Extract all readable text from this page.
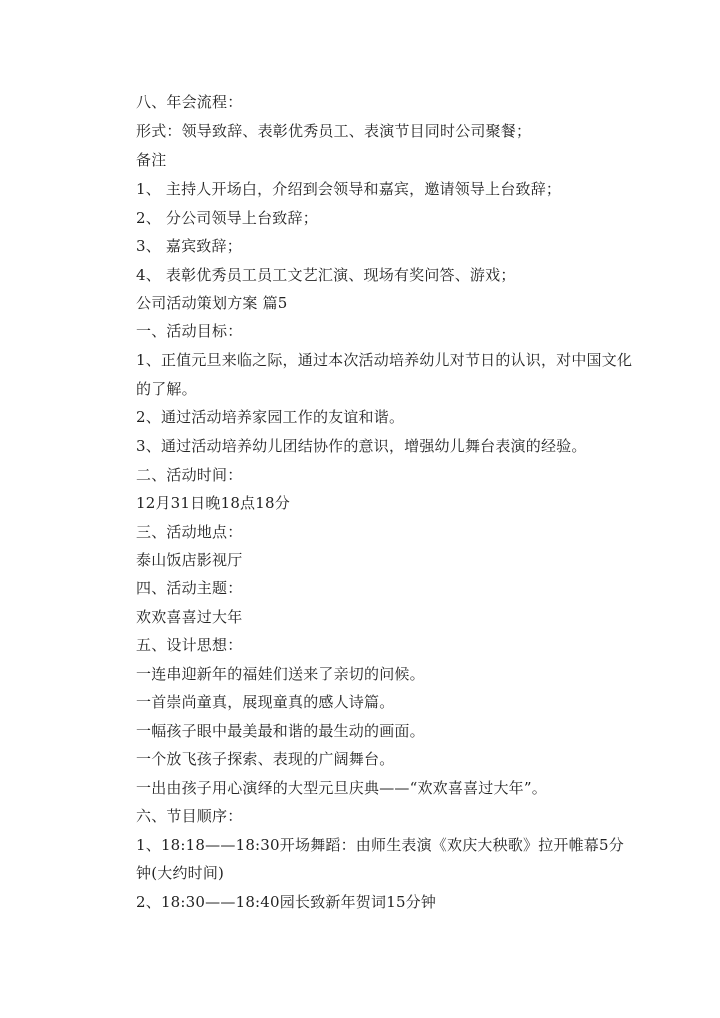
八、年会流程：
形式：领导致辞、表彰优秀员工、表演节目同时公司聚餐；
备注
1、 主持人开场白，介绍到会领导和嘉宾，邀请领导上台致辞；
2、 分公司领导上台致辞；
3、 嘉宾致辞；
4、 表彰优秀员工员工文艺汇演、现场有奖问答、游戏；
公司活动策划方案 篇5
一、活动目标：
1、正值元旦来临之际，通过本次活动培养幼儿对节日的认识，对中国文化
的了解。
2、通过活动培养家园工作的友谊和谐。
3、通过活动培养幼儿团结协作的意识，增强幼儿舞台表演的经验。
二、活动时间：
12月31日晚18点18分
三、活动地点：
泰山饭店影视厅
四、活动主题：
欢欢喜喜过大年
五、设计思想：
一连串迎新年的福娃们送来了亲切的问候。
一首崇尚童真，展现童真的感人诗篇。
一幅孩子眼中最美最和谐的最生动的画面。
一个放飞孩子探索、表现的广阔舞台。
一出由孩子用心演绎的大型元旦庆典——“欢欢喜喜过大年”。
六、节目顺序：
1、18:18——18:30开场舞蹈：由师生表演《欢庆大秧歌》拉开帷幕5分
钟(大约时间)
2、18:30——18:40园长致新年贺词15分钟
